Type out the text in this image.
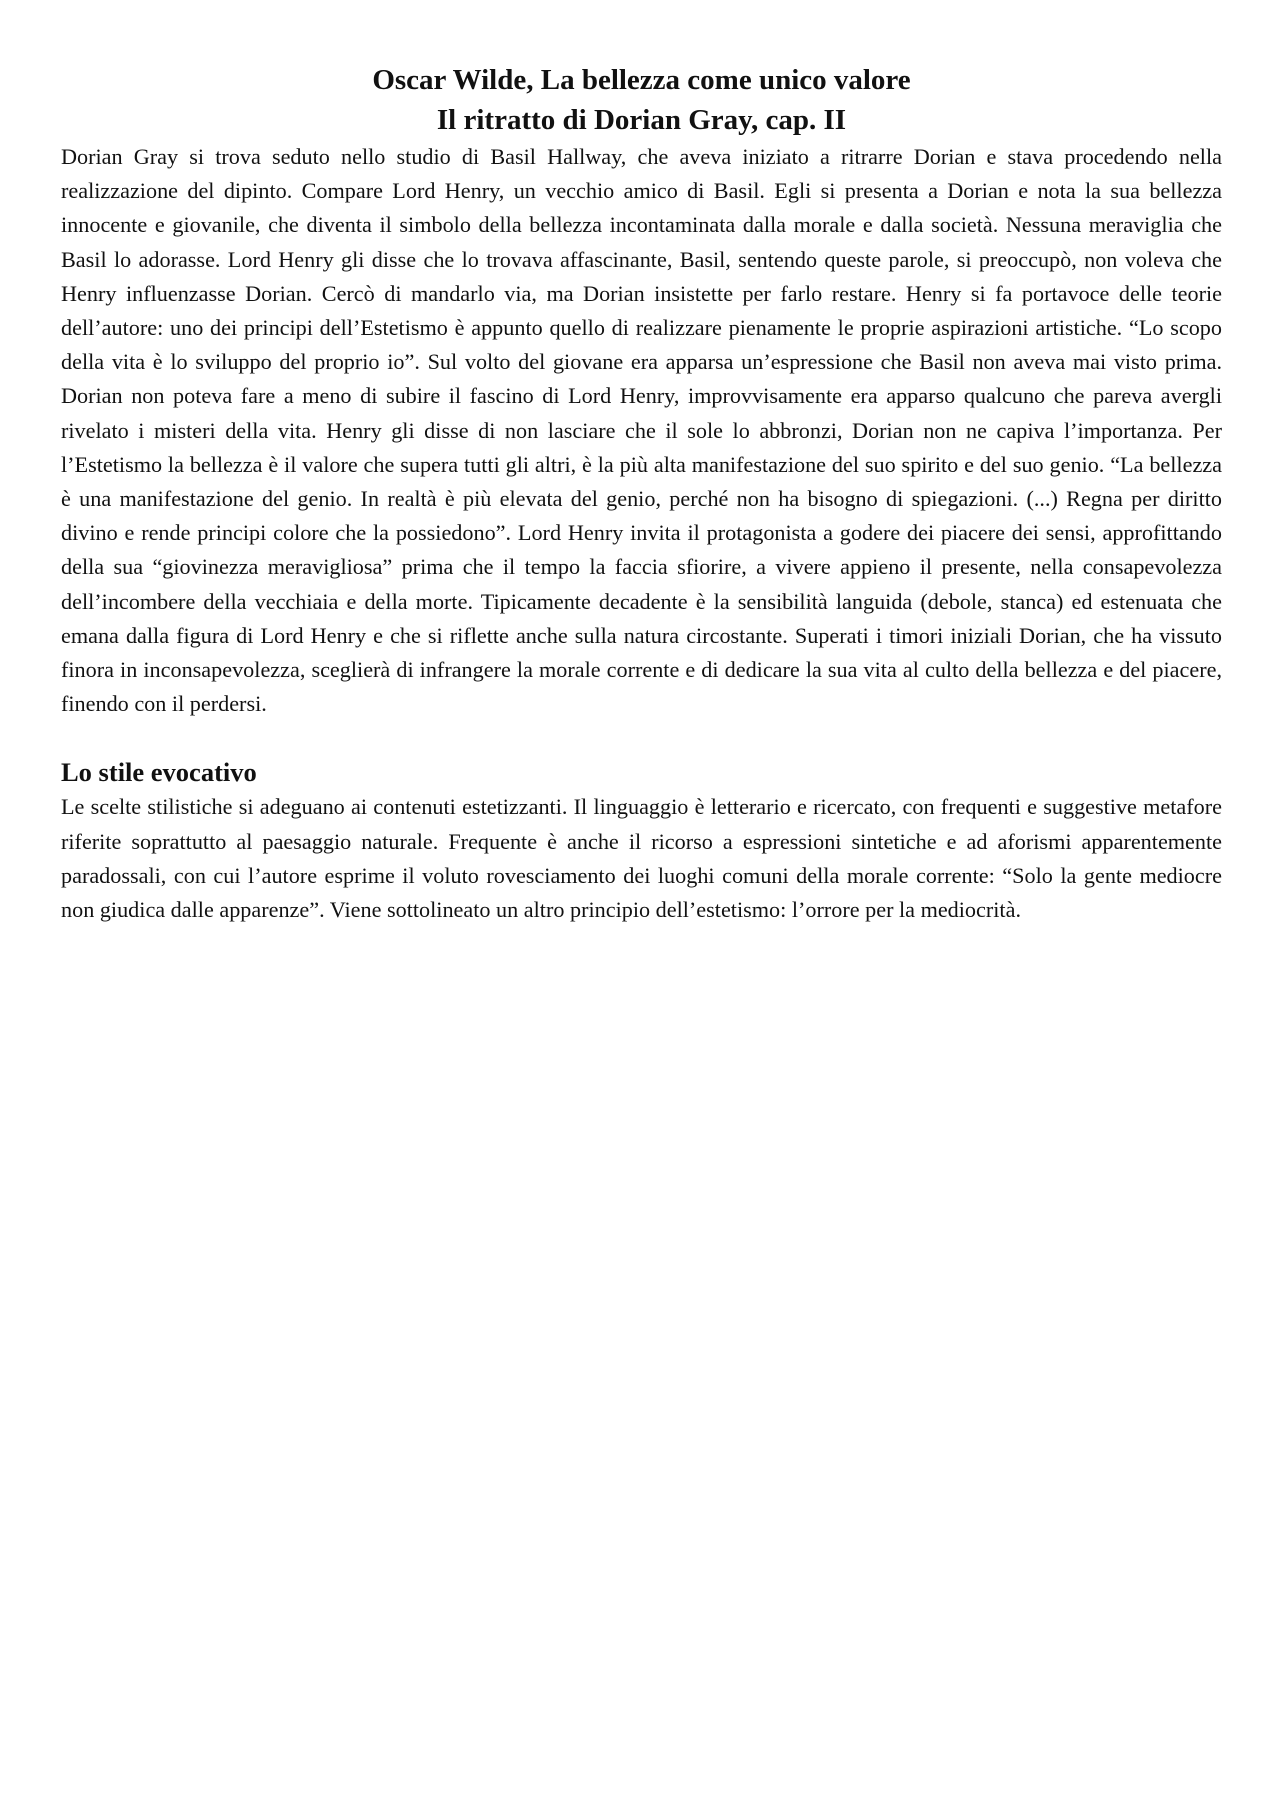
Oscar Wilde, La bellezza come unico valore
Il ritratto di Dorian Gray, cap. II

Dorian Gray si trova seduto nello studio di Basil Hallway, che aveva iniziato a ritrarre Dorian e stava procedendo nella realizzazione del dipinto. Compare Lord Henry, un vecchio amico di Basil. Egli si presenta a Dorian e nota la sua bellezza innocente e giovanile, che diventa il simbolo della bellezza incontaminata dalla morale e dalla società. Nessuna meraviglia che Basil lo adorasse. Lord Henry gli disse che lo trovava affascinante, Basil, sentendo queste parole, si preoccupò, non voleva che Henry influenzasse Dorian. Cercò di mandarlo via, ma Dorian insistette per farlo restare. Henry si fa portavoce delle teorie dell’autore: uno dei principi dell’Estetismo è appunto quello di realizzare pienamente le proprie aspirazioni artistiche. “Lo scopo della vita è lo sviluppo del proprio io”. Sul volto del giovane era apparsa un’espressione che Basil non aveva mai visto prima. Dorian non poteva fare a meno di subire il fascino di Lord Henry, improvvisamente era apparso qualcuno che pareva avergli rivelato i misteri della vita. Henry gli disse di non lasciare che il sole lo abbronzi, Dorian non ne capiva l’importanza. Per l’Estetismo la bellezza è il valore che supera tutti gli altri, è la più alta manifestazione del suo spirito e del suo genio. “La bellezza è una manifestazione del genio. In realtà è più elevata del genio, perché non ha bisogno di spiegazioni. (...) Regna per diritto divino e rende principi colore che la possiedono”. Lord Henry invita il protagonista a godere dei piacere dei sensi, approfittando della sua “giovinezza meravigliosa” prima che il tempo la faccia sfiorire, a vivere appieno il presente, nella consapevolezza dell’incombere della vecchiaia e della morte. Tipicamente decadente è la sensibilità languida (debole, stanca) ed estenuata che emana dalla figura di Lord Henry e che si riflette anche sulla natura circostante. Superati i timori iniziali Dorian, che ha vissuto finora in inconsapevolezza, sceglierà di infrangere la morale corrente e di dedicare la sua vita al culto della bellezza e del piacere, finendo con il perdersi.

Lo stile evocativo

Le scelte stilistiche si adeguano ai contenuti estetizzanti. Il linguaggio è letterario e ricercato, con frequenti e suggestive metafore riferite soprattutto al paesaggio naturale. Frequente è anche il ricorso a espressioni sintetiche e ad aforismi apparentemente paradossali, con cui l’autore esprime il voluto rovesciamento dei luoghi comuni della morale corrente: “Solo la gente mediocre non giudica dalle apparenze”. Viene sottolineato un altro principio dell’estetismo: l’orrore per la mediocrità.
